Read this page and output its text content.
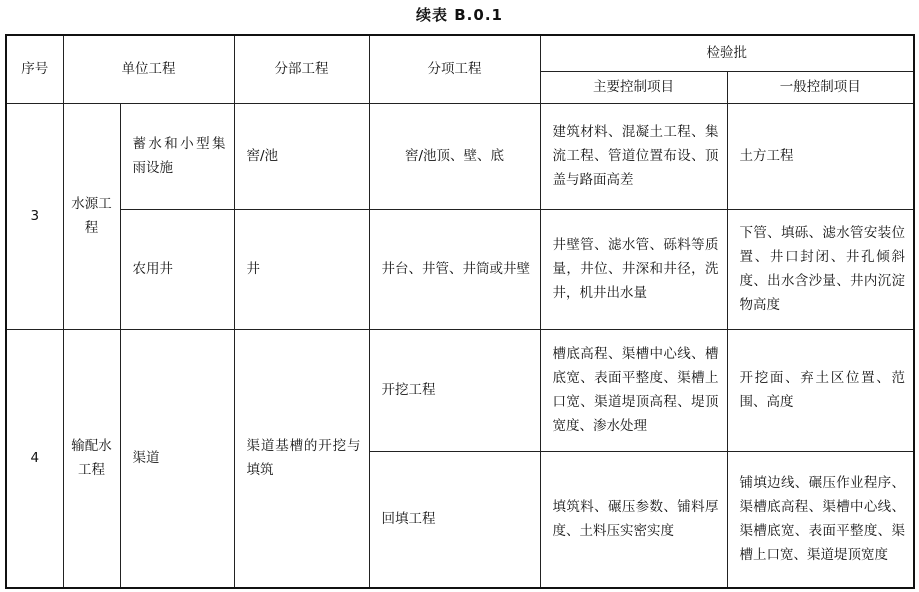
续表 B.0.1
序号	单位工程		分部工程	分项工程	检验批	
					主要控制项目	一般控制项目
3	水源工程	蓄水和小型集雨设施	窖/池	窖/池顶、壁、底	建筑材料、混凝土工程、集流工程、管道位置布设、顶盖与路面高差	土方工程
		农用井	井	井台、井管、井筒或井壁	井壁管、滤水管、砾料等质量，井位、井深和井径，洗井，机井出水量	下管、填砾、滤水管安装位置、井口封闭、井孔倾斜度、出水含沙量、井内沉淀物高度
4	输配水工程	渠道	渠道基槽的开挖与填筑	开挖工程	槽底高程、渠槽中心线、槽底宽、表面平整度、渠槽上口宽、渠道堤顶高程、堤顶宽度、渗水处理	开挖面、弃土区位置、范围、高度
				回填工程	填筑料、碾压参数、铺料厚度、土料压实密实度	铺填边线、碾压作业程序、渠槽底高程、渠槽中心线、渠槽底宽、表面平整度、渠槽上口宽、渠道堤顶宽度
